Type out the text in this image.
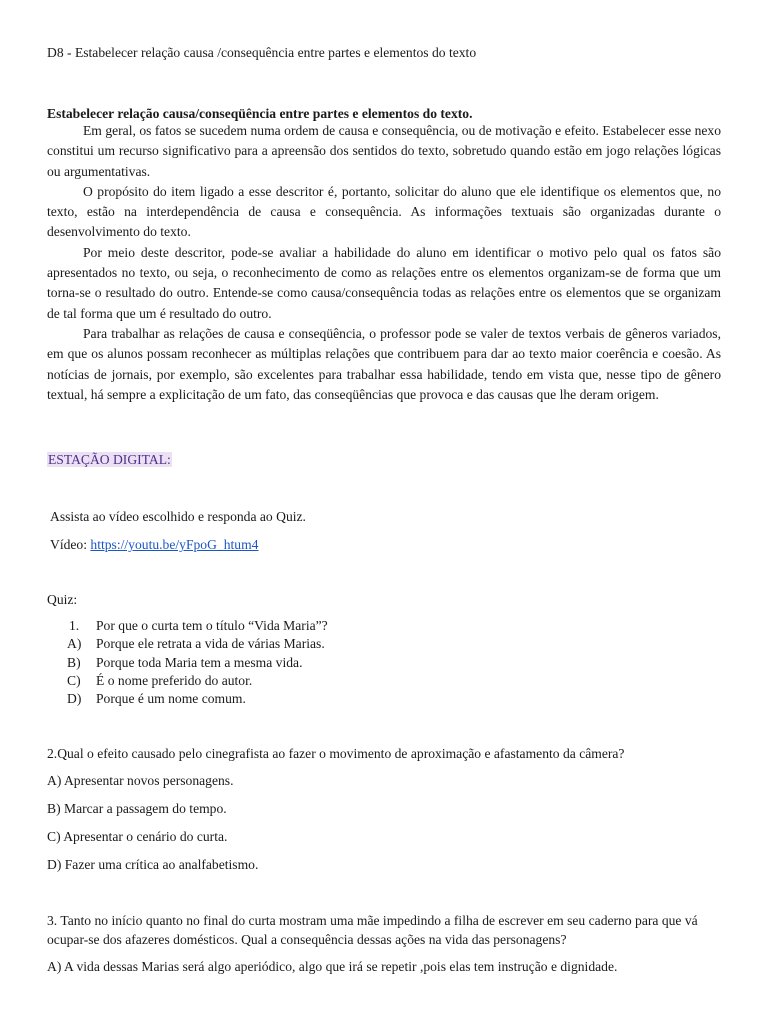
D8 - Estabelecer relação causa /consequência entre partes e elementos do texto
Estabelecer relação causa/conseqüência entre partes e elementos do texto.

Em geral, os fatos se sucedem numa ordem de causa e consequência, ou de motivação e efeito. Estabelecer esse nexo constitui um recurso significativo para a apreensão dos sentidos do texto, sobretudo quando estão em jogo relações lógicas ou argumentativas.

O propósito do item ligado a esse descritor é, portanto, solicitar do aluno que ele identifique os elementos que, no texto, estão na interdependência de causa e consequência. As informações textuais são organizadas durante o desenvolvimento do texto.

Por meio deste descritor, pode-se avaliar a habilidade do aluno em identificar o motivo pelo qual os fatos são apresentados no texto, ou seja, o reconhecimento de como as relações entre os elementos organizam-se de forma que um torna-se o resultado do outro. Entende-se como causa/consequência todas as relações entre os elementos que se organizam de tal forma que um é resultado do outro.

Para trabalhar as relações de causa e conseqüência, o professor pode se valer de textos verbais de gêneros variados, em que os alunos possam reconhecer as múltiplas relações que contribuem para dar ao texto maior coerência e coesão. As notícias de jornais, por exemplo, são excelentes para trabalhar essa habilidade, tendo em vista que, nesse tipo de gênero textual, há sempre a explicitação de um fato, das conseqüências que provoca e das causas que lhe deram origem.

ESTAÇÃO DIGITAL:
Assista ao vídeo escolhido e responda ao Quiz.
Vídeo: https://youtu.be/yFpoG_htum4
Quiz:
1.	Por que o curta tem o título “Vida Maria”?
A)	Porque ele retrata a vida de várias Marias.
B)	Porque toda Maria tem a mesma vida.
C)	É o nome preferido do autor.
D)	Porque é um nome comum.
2.Qual o efeito causado pelo cinegrafista ao fazer o movimento de aproximação e afastamento da câmera?
A) Apresentar novos personagens.
B) Marcar a passagem do tempo.
C) Apresentar o cenário do curta.
D) Fazer uma crítica ao analfabetismo.
3. Tanto no início quanto no final do curta mostram uma mãe impedindo a filha de escrever em seu caderno para que vá ocupar-se dos afazeres domésticos. Qual a consequência dessas ações na vida das personagens?
A) A vida dessas Marias será algo aperiódico, algo que irá se repetir ,pois elas tem instrução e dignidade.
